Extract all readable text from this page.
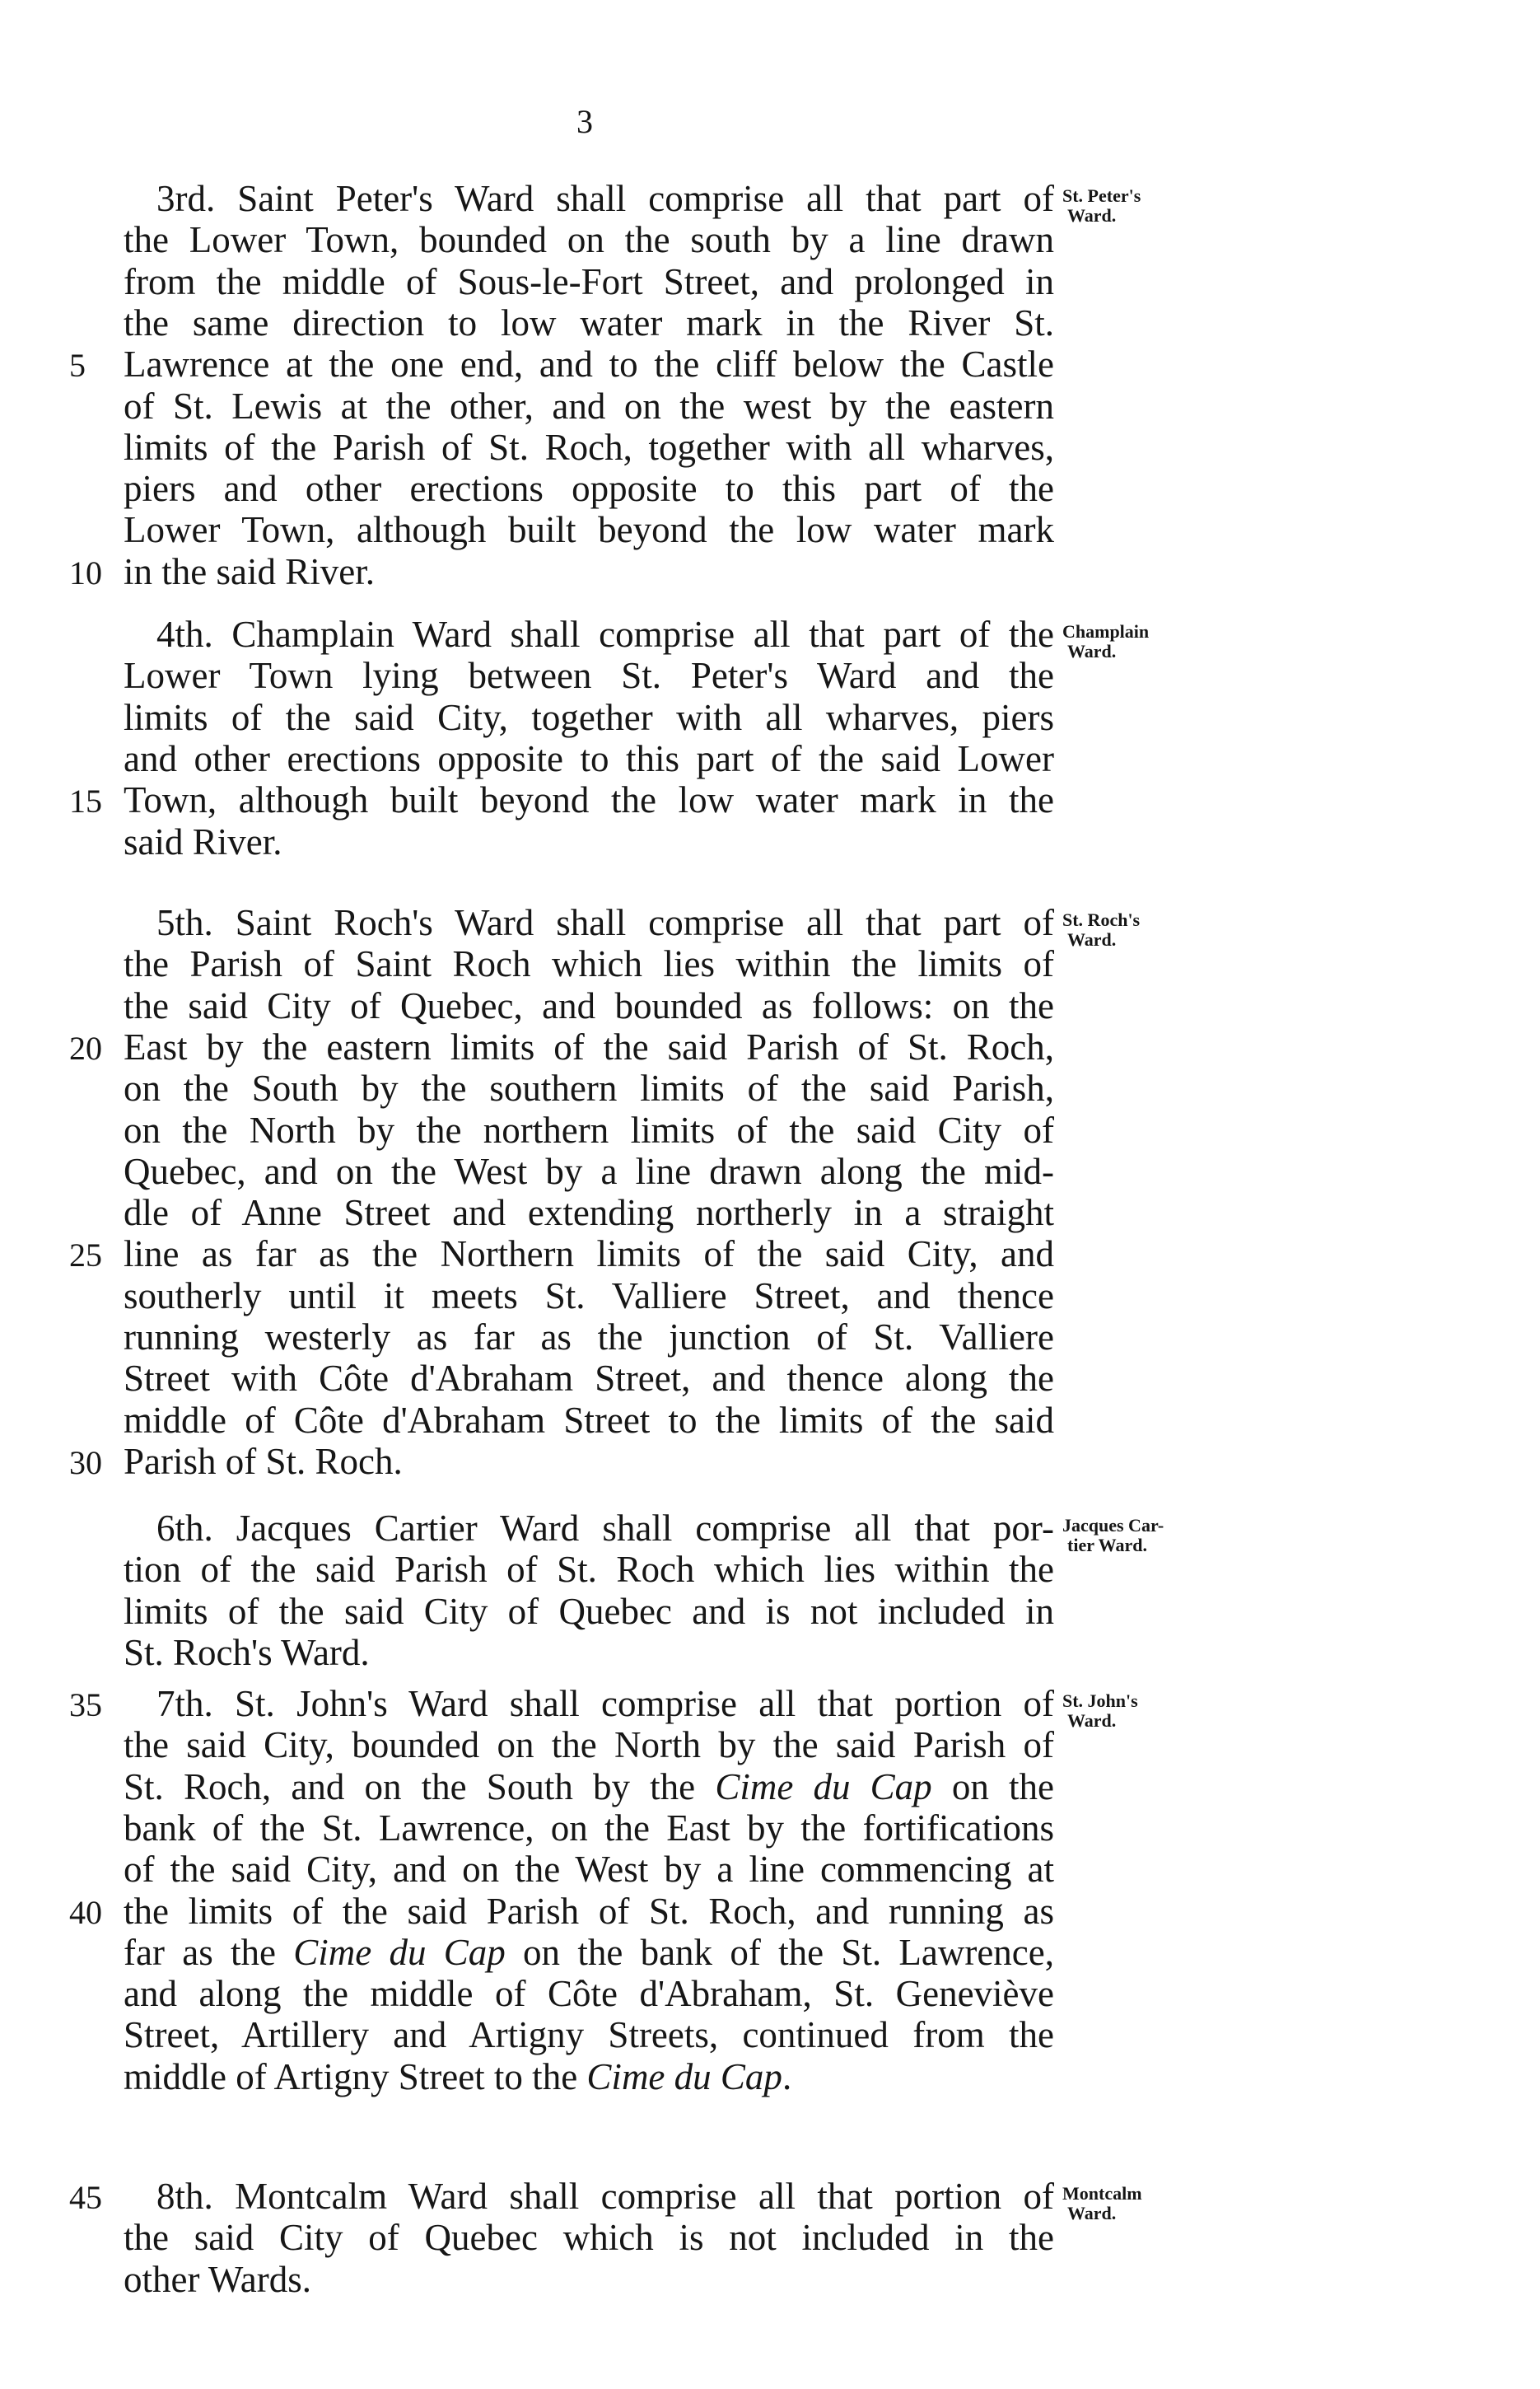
3
3rd. Saint Peter's Ward shall comprise all that part of
the Lower Town, bounded on the south by a line drawn
from the middle of Sous-le-Fort Street, and prolonged in
the same direction to low water mark in the River St.
Lawrence at the one end, and to the cliff below the Castle
of St. Lewis at the other, and on the west by the eastern
limits of the Parish of St. Roch, together with all wharves,
piers and other erections opposite to this part of the
Lower Town, although built beyond the low water mark
in the said River.
4th. Champlain Ward shall comprise all that part of the
Lower Town lying between St. Peter's Ward and the
limits of the said City, together with all wharves, piers
and other erections opposite to this part of the said Lower
Town, although built beyond the low water mark in the
said River.
5th. Saint Roch's Ward shall comprise all that part of
the Parish of Saint Roch which lies within the limits of
the said City of Quebec, and bounded as follows: on the
East by the eastern limits of the said Parish of St. Roch,
on the South by the southern limits of the said Parish,
on the North by the northern limits of the said City of
Quebec, and on the West by a line drawn along the mid-
dle of Anne Street and extending northerly in a straight
line as far as the Northern limits of the said City, and
southerly until it meets St. Valliere Street, and thence
running westerly as far as the junction of St. Valliere
Street with Côte d'Abraham Street, and thence along the
middle of Côte d'Abraham Street to the limits of the said
Parish of St. Roch.
6th. Jacques Cartier Ward shall comprise all that por-
tion of the said Parish of St. Roch which lies within the
limits of the said City of Quebec and is not included in
St. Roch's Ward.
7th. St. John's Ward shall comprise all that portion of
the said City, bounded on the North by the said Parish of
St. Roch, and on the South by the Cime du Cap on the
bank of the St. Lawrence, on the East by the fortifications
of the said City, and on the West by a line commencing at
the limits of the said Parish of St. Roch, and running as
far as the Cime du Cap on the bank of the St. Lawrence,
and along the middle of Côte d'Abraham, St. Geneviève
Street, Artillery and Artigny Streets, continued from the
middle of Artigny Street to the Cime du Cap.
8th. Montcalm Ward shall comprise all that portion of
the said City of Quebec which is not included in the
other Wards.
5
10
15
20
25
30
35
40
45
St. Peter's
Ward.
Champlain
Ward.
St. Roch's
Ward.
Jacques Car-
tier Ward.
St. John's
Ward.
Montcalm
Ward.
